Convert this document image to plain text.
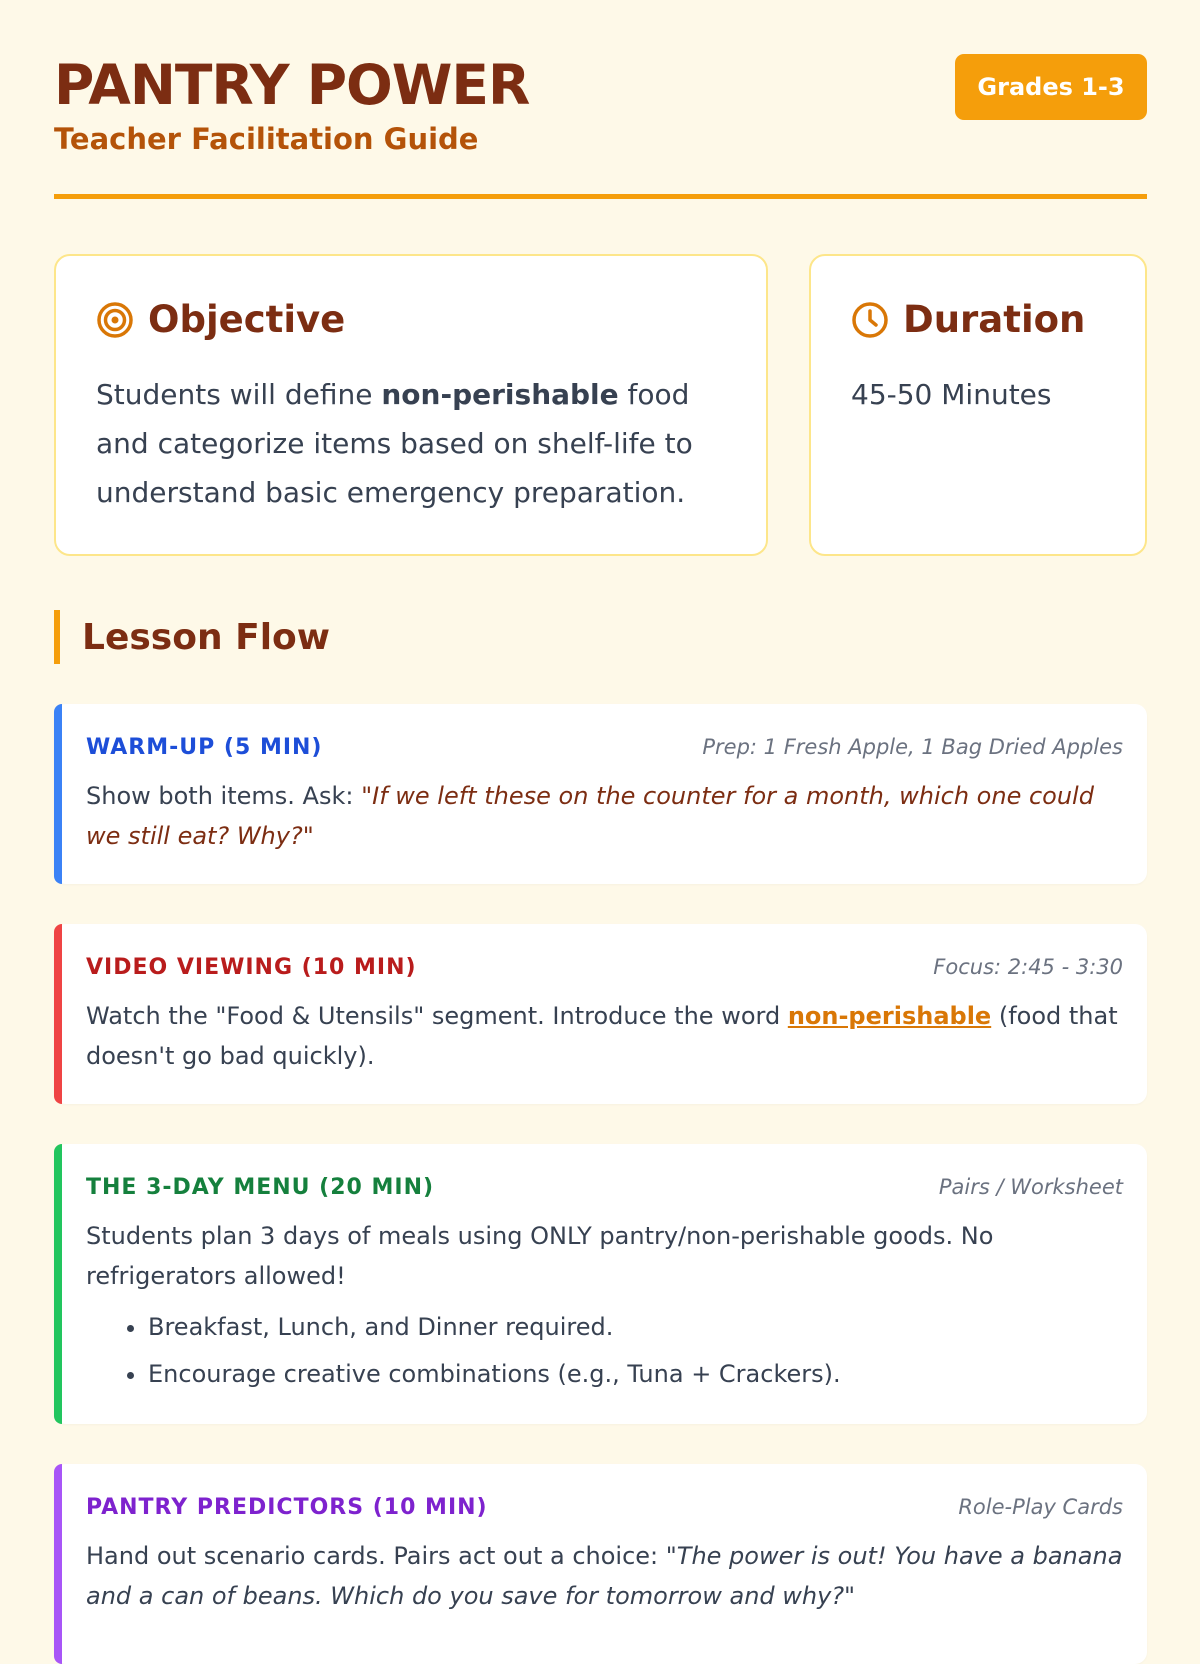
PANTRY POWER
Teacher Facilitation Guide
Grades 1-3
Objective

Students will define non-perishable food and categorize items based on shelf-life to understand basic emergency preparation.

Duration

45-50 Minutes

Lesson Flow
WARM-UP (5 MIN)	Prep: 1 Fresh Apple, 1 Bag Dried Apples
Show both items. Ask: "If we left these on the counter for a month, which one could we still eat? Why?"
VIDEO VIEWING (10 MIN)	Focus: 2:45 - 3:30
Watch the "Food & Utensils" segment. Introduce the word non-perishable (food that doesn't go bad quickly).
THE 3-DAY MENU (20 MIN)	Pairs / Worksheet
Students plan 3 days of meals using ONLY pantry/non-perishable goods. No refrigerators allowed!
• Breakfast, Lunch, and Dinner required.
• Encourage creative combinations (e.g., Tuna + Crackers).
PANTRY PREDICTORS (10 MIN)	Role-Play Cards
Hand out scenario cards. Pairs act out a choice: "The power is out! You have a banana and a can of beans. Which do you save for tomorrow and why?"
